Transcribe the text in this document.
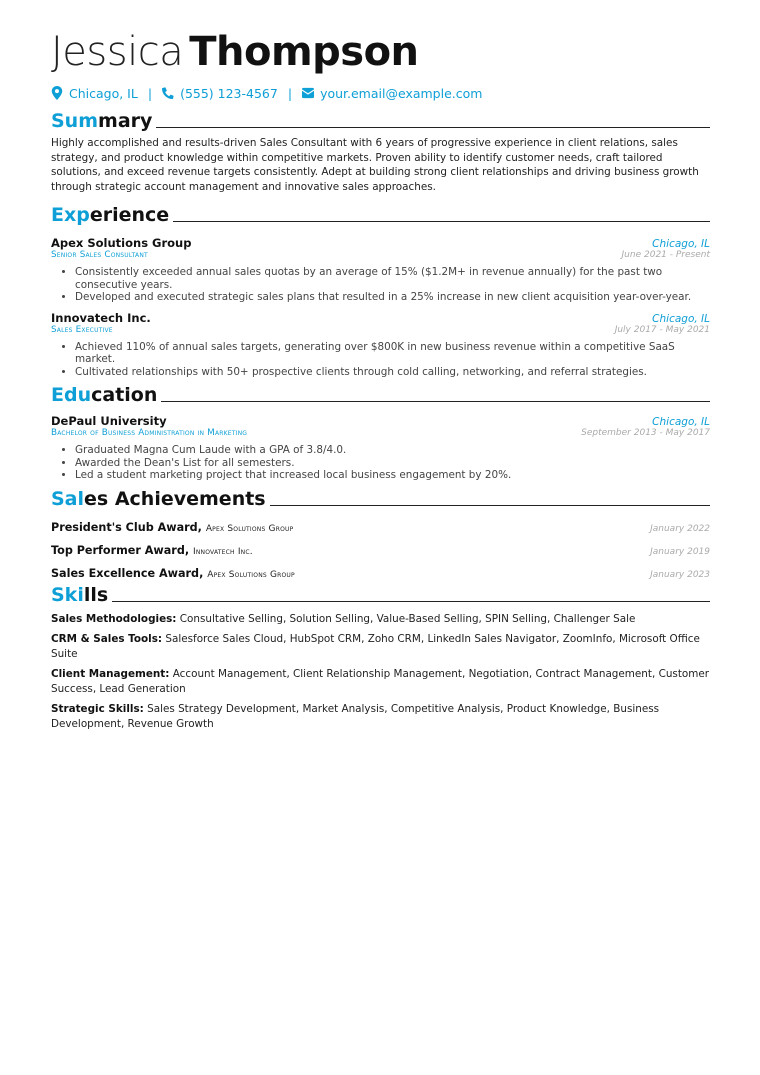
Jessica Thompson
Chicago, IL | (555) 123-4567 | your.email@example.com
Summary
Highly accomplished and results-driven Sales Consultant with 6 years of progressive experience in client relations, sales strategy, and product knowledge within competitive markets. Proven ability to identify customer needs, craft tailored solutions, and exceed revenue targets consistently. Adept at building strong client relationships and driving business growth through strategic account management and innovative sales approaches.
Experience
Apex Solutions Group	Chicago, IL
Senior Sales Consultant	June 2021 - Present
• Consistently exceeded annual sales quotas by an average of 15% ($1.2M+ in revenue annually) for the past two consecutive years.
• Developed and executed strategic sales plans that resulted in a 25% increase in new client acquisition year-over-year.
Innovatech Inc.	Chicago, IL
Sales Executive	July 2017 - May 2021
• Achieved 110% of annual sales targets, generating over $800K in new business revenue within a competitive SaaS market.
• Cultivated relationships with 50+ prospective clients through cold calling, networking, and referral strategies.
Education
DePaul University	Chicago, IL
Bachelor of Business Administration in Marketing	September 2013 - May 2017
• Graduated Magna Cum Laude with a GPA of 3.8/4.0.
• Awarded the Dean's List for all semesters.
• Led a student marketing project that increased local business engagement by 20%.
Sales Achievements
President's Club Award, Apex Solutions Group	January 2022
Top Performer Award, Innovatech Inc.	January 2019
Sales Excellence Award, Apex Solutions Group	January 2023
Skills
Sales Methodologies: Consultative Selling, Solution Selling, Value-Based Selling, SPIN Selling, Challenger Sale
CRM & Sales Tools: Salesforce Sales Cloud, HubSpot CRM, Zoho CRM, LinkedIn Sales Navigator, ZoomInfo, Microsoft Office Suite
Client Management: Account Management, Client Relationship Management, Negotiation, Contract Management, Customer Success, Lead Generation
Strategic Skills: Sales Strategy Development, Market Analysis, Competitive Analysis, Product Knowledge, Business Development, Revenue Growth
